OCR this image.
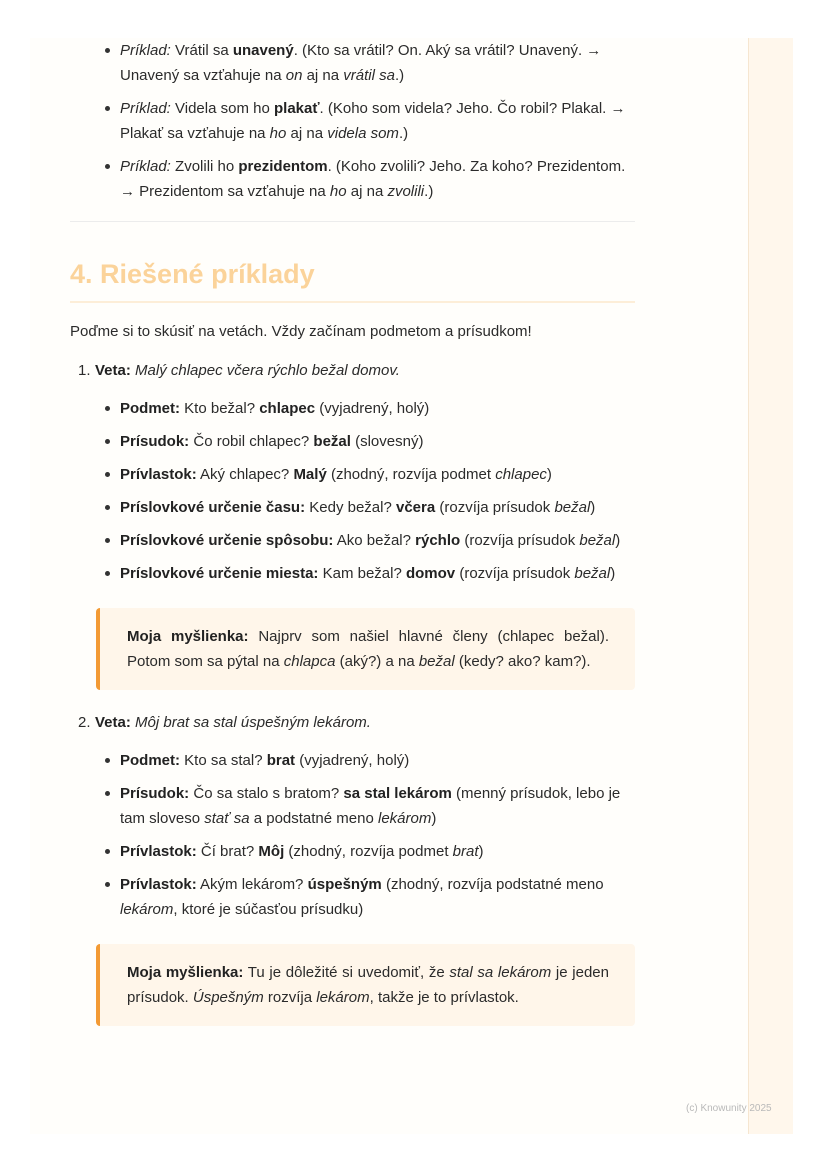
Príklad: Vrátil sa unavený. (Kto sa vrátil? On. Aký sa vrátil? Unavený. → Unavený sa vzťahuje na on aj na vrátil sa.)
Príklad: Videla som ho plakať. (Koho som videla? Jeho. Čo robil? Plakal. → Plakať sa vzťahuje na ho aj na videla som.)
Príklad: Zvolili ho prezidentom. (Koho zvolili? Jeho. Za koho? Prezidentom. → Prezidentom sa vzťahuje na ho aj na zvolili.)
4. Riešené príklady

Poďme si to skúsiť na vetách. Vždy začínam podmetom a prísudkom!

1. Veta: Malý chlapec včera rýchlo bežal domov.
Podmet: Kto bežal? chlapec (vyjadrený, holý)
Prísudok: Čo robil chlapec? bežal (slovesný)
Prívlastok: Aký chlapec? Malý (zhodný, rozvíja podmet chlapec)
Príslovkové určenie času: Kedy bežal? včera (rozvíja prísudok bežal)
Príslovkové určenie spôsobu: Ako bežal? rýchlo (rozvíja prísudok bežal)
Príslovkové určenie miesta: Kam bežal? domov (rozvíja prísudok bežal)
Moja myšlienka: Najprv som našiel hlavné členy (chlapec bežal). Potom som sa pýtal na chlapca (aký?) a na bežal (kedy? ako? kam?).
2. Veta: Môj brat sa stal úspešným lekárom.
Podmet: Kto sa stal? brat (vyjadrený, holý)
Prísudok: Čo sa stalo s bratom? sa stal lekárom (menný prísudok, lebo je tam sloveso stať sa a podstatné meno lekárom)
Prívlastok: Čí brat? Môj (zhodný, rozvíja podmet brat)
Prívlastok: Akým lekárom? úspešným (zhodný, rozvíja podstatné meno lekárom, ktoré je súčasťou prísudku)
Moja myšlienka: Tu je dôležité si uvedomiť, že stal sa lekárom je jeden prísudok. Úspešným rozvíja lekárom, takže je to prívlastok.
(c) Knowunity 2025
